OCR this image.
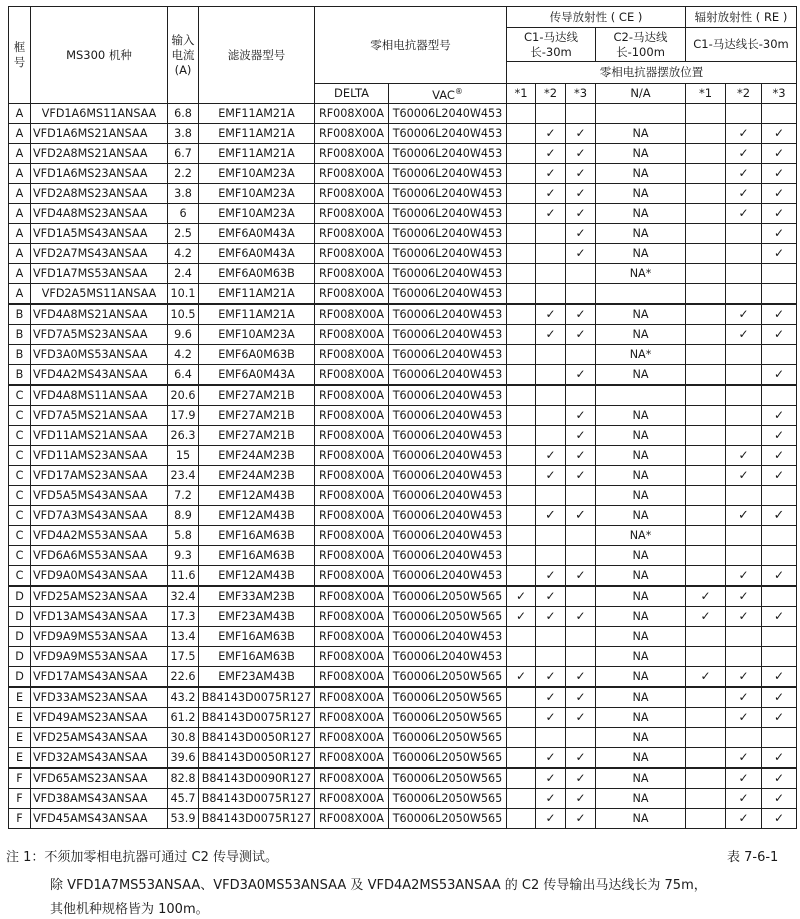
框号	MS300 机种	输入电流(A)	滤波器型号	零相电抗器型号		传导放射性 ( CE )				辐射放射性 ( RE )		
						C1-马达线长-30m			C2-马达线长-100m	C1-马达线长-30m		
						零相电抗器摆放位置						
				DELTA	VAC®	*1	*2	*3	N/A	*1	*2	*3
A	VFD1A6MS11ANSAA	6.8	EMF11AM21A	RF008X00A	T60006L2040W453							
A	VFD1A6MS21ANSAA	3.8	EMF11AM21A	RF008X00A	T60006L2040W453		✓	✓	NA		✓	✓
A	VFD2A8MS21ANSAA	6.7	EMF11AM21A	RF008X00A	T60006L2040W453		✓	✓	NA		✓	✓
A	VFD1A6MS23ANSAA	2.2	EMF10AM23A	RF008X00A	T60006L2040W453		✓	✓	NA		✓	✓
A	VFD2A8MS23ANSAA	3.8	EMF10AM23A	RF008X00A	T60006L2040W453		✓	✓	NA		✓	✓
A	VFD4A8MS23ANSAA	6	EMF10AM23A	RF008X00A	T60006L2040W453		✓	✓	NA		✓	✓
A	VFD1A5MS43ANSAA	2.5	EMF6A0M43A	RF008X00A	T60006L2040W453			✓	NA			✓
A	VFD2A7MS43ANSAA	4.2	EMF6A0M43A	RF008X00A	T60006L2040W453			✓	NA			✓
A	VFD1A7MS53ANSAA	2.4	EMF6A0M63B	RF008X00A	T60006L2040W453				NA*			
A	VFD2A5MS11ANSAA	10.1	EMF11AM21A	RF008X00A	T60006L2040W453							
B	VFD4A8MS21ANSAA	10.5	EMF11AM21A	RF008X00A	T60006L2040W453		✓	✓	NA		✓	✓
B	VFD7A5MS23ANSAA	9.6	EMF10AM23A	RF008X00A	T60006L2040W453		✓	✓	NA		✓	✓
B	VFD3A0MS53ANSAA	4.2	EMF6A0M63B	RF008X00A	T60006L2040W453				NA*			
B	VFD4A2MS43ANSAA	6.4	EMF6A0M43A	RF008X00A	T60006L2040W453			✓	NA			✓
C	VFD4A8MS11ANSAA	20.6	EMF27AM21B	RF008X00A	T60006L2040W453							
C	VFD7A5MS21ANSAA	17.9	EMF27AM21B	RF008X00A	T60006L2040W453			✓	NA			✓
C	VFD11AMS21ANSAA	26.3	EMF27AM21B	RF008X00A	T60006L2040W453			✓	NA			✓
C	VFD11AMS23ANSAA	15	EMF24AM23B	RF008X00A	T60006L2040W453		✓	✓	NA		✓	✓
C	VFD17AMS23ANSAA	23.4	EMF24AM23B	RF008X00A	T60006L2040W453		✓	✓	NA		✓	✓
C	VFD5A5MS43ANSAA	7.2	EMF12AM43B	RF008X00A	T60006L2040W453				NA			
C	VFD7A3MS43ANSAA	8.9	EMF12AM43B	RF008X00A	T60006L2040W453		✓	✓	NA		✓	✓
C	VFD4A2MS53ANSAA	5.8	EMF16AM63B	RF008X00A	T60006L2040W453				NA*			
C	VFD6A6MS53ANSAA	9.3	EMF16AM63B	RF008X00A	T60006L2040W453				NA			
C	VFD9A0MS43ANSAA	11.6	EMF12AM43B	RF008X00A	T60006L2040W453		✓	✓	NA		✓	✓
D	VFD25AMS23ANSAA	32.4	EMF33AM23B	RF008X00A	T60006L2050W565	✓	✓		NA	✓	✓	
D	VFD13AMS43ANSAA	17.3	EMF23AM43B	RF008X00A	T60006L2050W565	✓	✓	✓	NA	✓	✓	✓
D	VFD9A9MS53ANSAA	13.4	EMF16AM63B	RF008X00A	T60006L2040W453				NA			
D	VFD9A9MS53ANSAA	17.5	EMF16AM63B	RF008X00A	T60006L2040W453				NA			
D	VFD17AMS43ANSAA	22.6	EMF23AM43B	RF008X00A	T60006L2050W565	✓	✓	✓	NA	✓	✓	✓
E	VFD33AMS23ANSAA	43.2	B84143D0075R127	RF008X00A	T60006L2050W565		✓	✓	NA		✓	✓
E	VFD49AMS23ANSAA	61.2	B84143D0075R127	RF008X00A	T60006L2050W565		✓	✓	NA		✓	✓
E	VFD25AMS43ANSAA	30.8	B84143D0050R127	RF008X00A	T60006L2050W565				NA			
E	VFD32AMS43ANSAA	39.6	B84143D0050R127	RF008X00A	T60006L2050W565		✓	✓	NA		✓	✓
F	VFD65AMS23ANSAA	82.8	B84143D0090R127	RF008X00A	T60006L2050W565		✓	✓	NA		✓	✓
F	VFD38AMS43ANSAA	45.7	B84143D0075R127	RF008X00A	T60006L2050W565		✓	✓	NA		✓	✓
F	VFD45AMS43ANSAA	53.9	B84143D0075R127	RF008X00A	T60006L2050W565		✓	✓	NA		✓	✓
注 1：不须加零相电抗器可通过 C2 传导测试。	表 7-6-1
除 VFD1A7MS53ANSAA、VFD3A0MS53ANSAA 及 VFD4A2MS53ANSAA 的 C2 传导输出马达线长为 75m，
其他机种规格皆为 100m。
